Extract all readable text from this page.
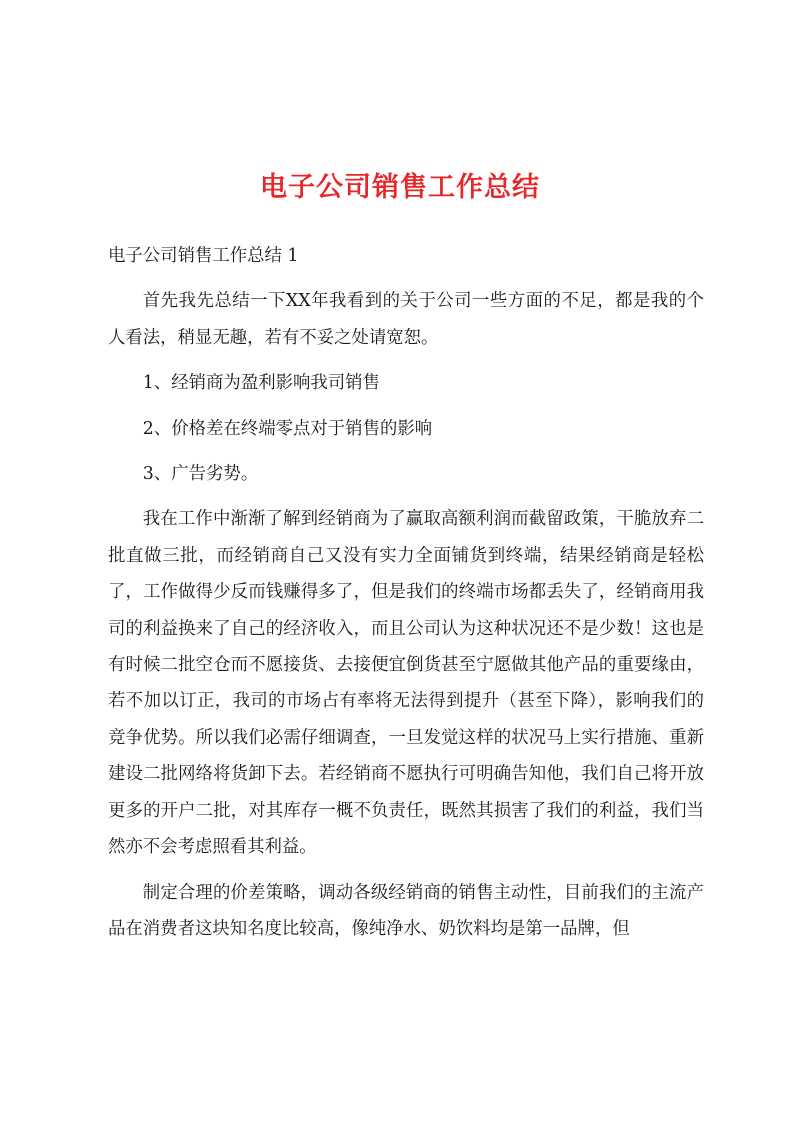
电子公司销售工作总结

电子公司销售工作总结 1

首先我先总结一下XX年我看到的关于公司一些方面的不足，都是我的个人看法，稍显无趣，若有不妥之处请宽恕。

1、经销商为盈利影响我司销售

2、价格差在终端零点对于销售的影响

3、广告劣势。

我在工作中渐渐了解到经销商为了赢取高额利润而截留政策，干脆放弃二批直做三批，而经销商自己又没有实力全面铺货到终端，结果经销商是轻松了，工作做得少反而钱赚得多了，但是我们的终端市场都丢失了，经销商用我司的利益换来了自己的经济收入，而且公司认为这种状况还不是少数！这也是有时候二批空仓而不愿接货、去接便宜倒货甚至宁愿做其他产品的重要缘由，若不加以订正，我司的市场占有率将无法得到提升（甚至下降），影响我们的竞争优势。所以我们必需仔细调查，一旦发觉这样的状况马上实行措施、重新建设二批网络将货卸下去。若经销商不愿执行可明确告知他，我们自己将开放更多的开户二批，对其库存一概不负责任，既然其损害了我们的利益，我们当然亦不会考虑照看其利益。

制定合理的价差策略，调动各级经销商的销售主动性，目前我们的主流产品在消费者这块知名度比较高，像纯净水、奶饮料均是第一品牌，但
